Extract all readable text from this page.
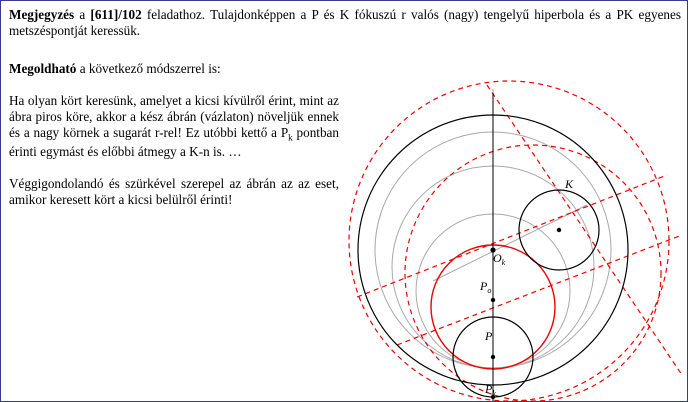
Megjegyzés a [611]/102 feladathoz. Tulajdonképpen a P és K fókuszú r valós (nagy) tengelyű hiperbola és a PK egyenes metszéspontját keressük.

Megoldható a következő módszerrel is:

Ha olyan kört keresünk, amelyet a kicsi kívülről érint, mint az ábra piros köre, akkor a kész ábrán (vázlaton) növeljük ennek és a nagy körnek a sugarát r-rel! Ez utóbbi kettő a $P_k$ pontban érinti egymást és előbbi átmegy a K-n is. …

Véggigondolandó és szürkével szerepel az ábrán az az eset, amikor keresett kört a kicsi belülről érinti!

K
$O_k$
$P_o$
P
$P_k$
